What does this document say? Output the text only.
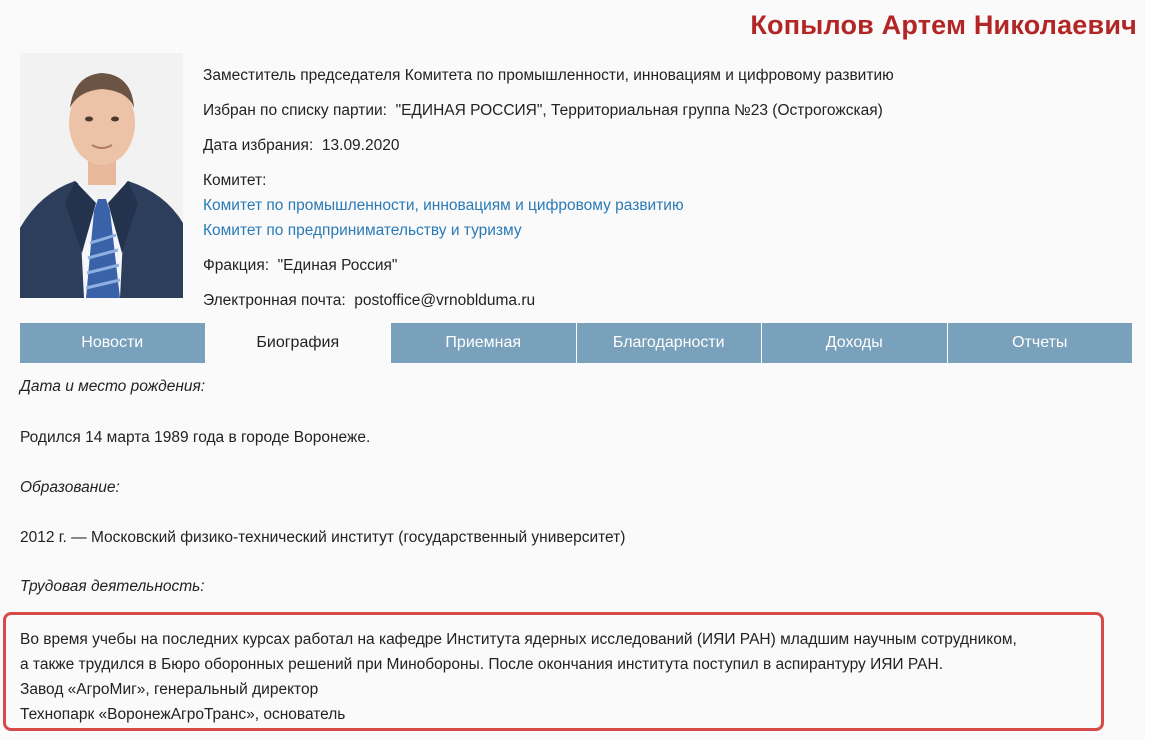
Копылов Артем Николаевич
Заместитель председателя Комитета по промышленности, инновациям и цифровому развитию
Избран по списку партии: "ЕДИНАЯ РОССИЯ", Территориальная группа №23 (Острогожская)
Дата избрания: 13.09.2020
Комитет:
Комитет по промышленности, инновациям и цифровому развитию
Комитет по предпринимательству и туризму
Фракция: "Единая Россия"
Электронная почта: postoffice@vrnoblduma.ru
Новости	Биография	Приемная	Благодарности	Доходы	Отчеты
Дата и место рождения:
Родился 14 марта 1989 года в городе Воронеже.
Образование:
2012 г. — Московский физико-технический институт (государственный университет)
Трудовая деятельность:
Во время учебы на последних курсах работал на кафедре Института ядерных исследований (ИЯИ РАН) младшим научным сотрудником,
а также трудился в Бюро оборонных решений при Минобороны. После окончания института поступил в аспирантуру ИЯИ РАН.
Завод «АгроМиг», генеральный директор
Технопарк «ВоронежАгроТранс», основатель
